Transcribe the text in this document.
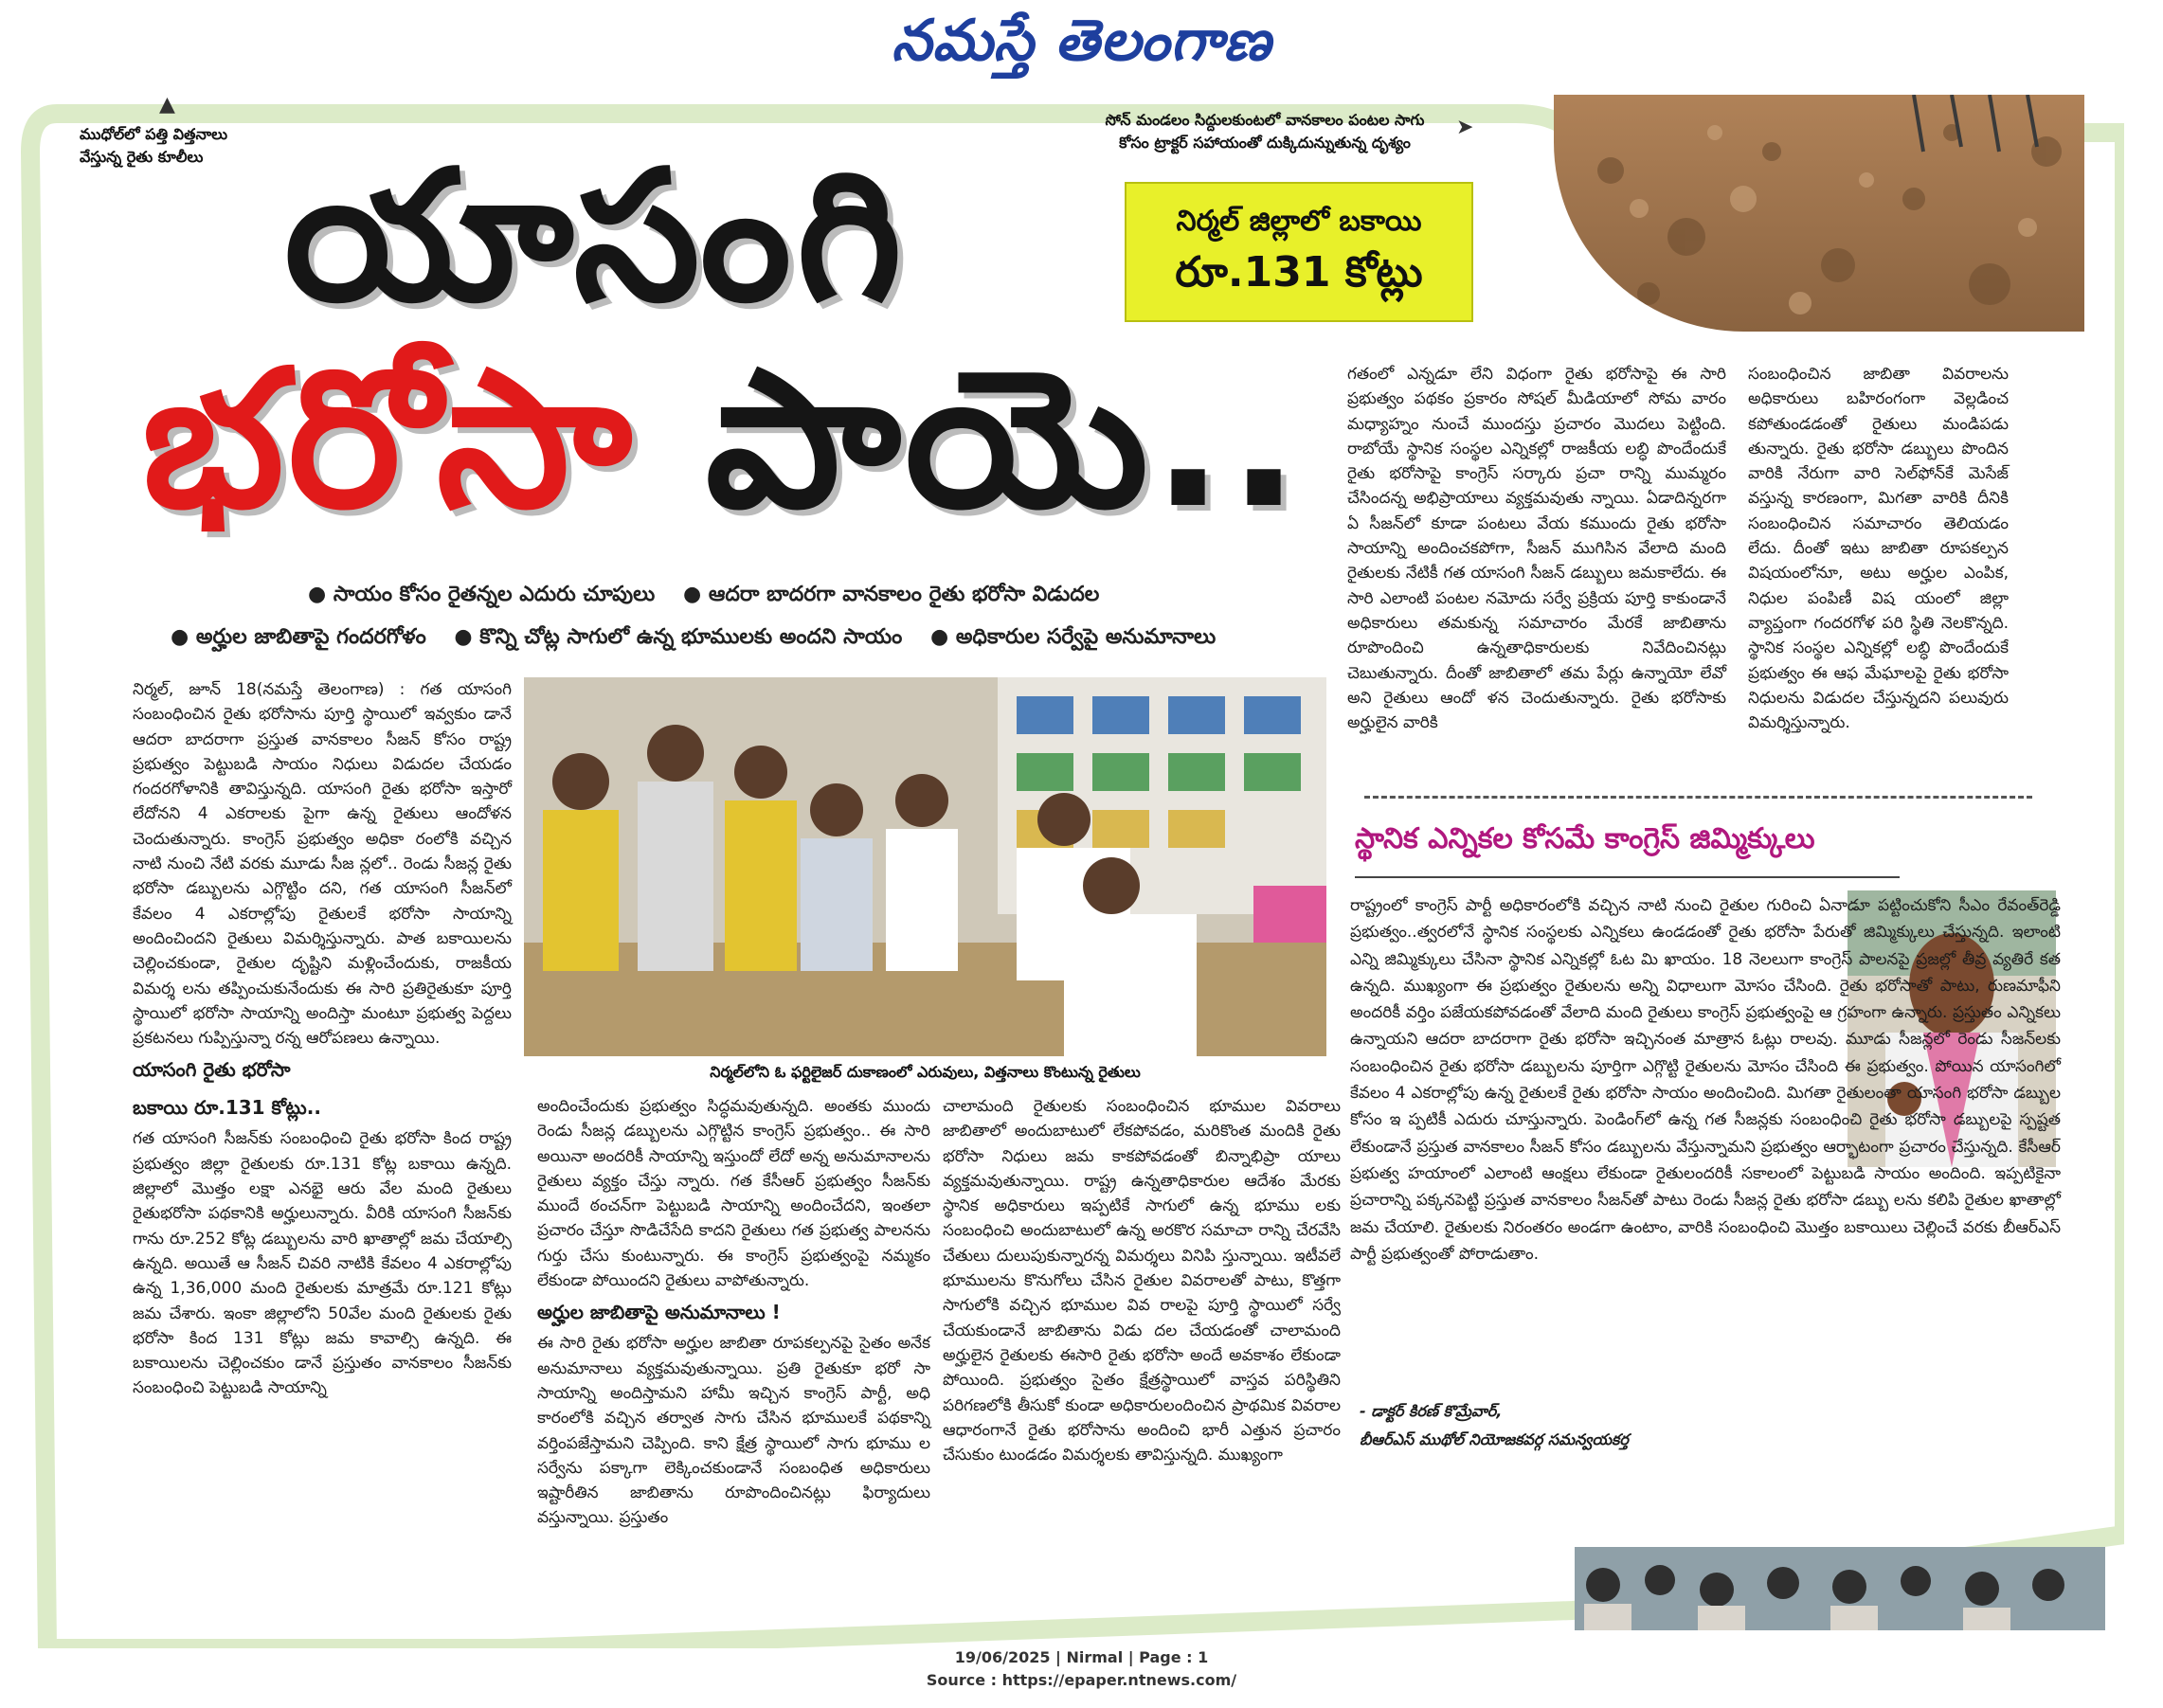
నమస్తే తెలంగాణ
▲
ముధోల్‌లో పత్తి విత్తనాలు
వేస్తున్న రైతు కూలీలు
సోన్ మండలం సిద్దులకుంటలో వానకాలం పంటల సాగు
కోసం ట్రాక్టర్ సహాయంతో దుక్కిదున్నుతున్న దృశ్యం
➤
నిర్మల్ జిల్లాలో బకాయి
రూ.131 కోట్లు
యాసంగి
భరోసా పాయె..
● సాయం కోసం రైతన్నల ఎదురు చూపులు ● ఆదరా బాదరగా వానకాలం రైతు భరోసా విడుదల
● అర్హుల జాబితాపై గందరగోళం ● కొన్ని చోట్ల సాగులో ఉన్న భూములకు అందని సాయం ● అధికారుల సర్వేపై అనుమానాలు

నిర్మల్, జూన్ 18(నమస్తే తెలంగాణ) : గత యాసంగి సంబంధించిన రైతు భరోసాను పూర్తి స్థాయిలో ఇవ్వకుం డానే ఆదరా బాదరాగా ప్రస్తుత వానకాలం సీజన్ కోసం రాష్ట్ర ప్రభుత్వం పెట్టుబడి సాయం నిధులు విడుదల చేయడం గందరగోళానికి తావిస్తున్నది. యాసంగి రైతు భరోసా ఇస్తారో లేదోనని 4 ఎకరాలకు పైగా ఉన్న రైతులు ఆందోళన చెందుతున్నారు. కాంగ్రెస్ ప్రభుత్వం అధికా రంలోకి వచ్చిన నాటి నుంచి నేటి వరకు మూడు సీజ న్లలో.. రెండు సీజన్ల రైతు భరోసా డబ్బులను ఎగ్గొట్టిం దని, గత యాసంగి సీజన్‌లో కేవలం 4 ఎకరాల్లోపు రైతులకే భరోసా సాయాన్ని అందించిందని రైతులు విమర్శిస్తున్నారు. పాత బకాయిలను చెల్లించకుండా, రైతుల దృష్టిని మళ్లించేందుకు, రాజకీయ విమర్శ లను తప్పించుకునేందుకు ఈ సారి ప్రతిరైతుకూ పూర్తి స్థాయిలో భరోసా సాయాన్ని అందిస్తా మంటూ ప్రభుత్వ పెద్దలు ప్రకటనలు గుప్పిస్తున్నా రన్న ఆరోపణలు ఉన్నాయి.

యాసంగి రైతు భరోసా
బకాయి రూ.131 కోట్లు..

గత యాసంగి సీజన్‌కు సంబంధించి రైతు భరోసా కింద రాష్ట్ర ప్రభుత్వం జిల్లా రైతులకు రూ.131 కోట్ల బకాయి ఉన్నది. జిల్లాలో మొత్తం లక్షా ఎనభై ఆరు వేల మంది రైతులు రైతుభరోసా పథకానికి అర్హులున్నారు. వీరికి యాసంగి సీజన్‌కు గాను రూ.252 కోట్ల డబ్బులను వారి ఖాతాల్లో జమ చేయాల్సి ఉన్నది. అయితే ఆ సీజన్ చివరి నాటికి కేవలం 4 ఎకరాల్లోపు ఉన్న 1,36,000 మంది రైతులకు మాత్రమే రూ.121 కోట్లు జమ చేశారు. ఇంకా జిల్లాలోని 50వేల మంది రైతులకు రైతు భరోసా కింద 131 కోట్లు జమ కావాల్సి ఉన్నది. ఈ బకాయిలను చెల్లించకుం డానే ప్రస్తుతం వానకాలం సీజన్‌కు సంబంధించి పెట్టుబడి సాయాన్ని

నిర్మల్‌లోని ఓ ఫర్టిలైజర్ దుకాణంలో ఎరువులు, విత్తనాలు కొంటున్న రైతులు

అందించేందుకు ప్రభుత్వం సిద్ధమవుతున్నది. అంతకు ముందు రెండు సీజన్ల డబ్బులను ఎగ్గొట్టిన కాంగ్రెస్ ప్రభుత్వం.. ఈ సారి అయినా అందరికీ సాయాన్ని ఇస్తుందో లేదో అన్న అనుమానాలను రైతులు వ్యక్తం చేస్తు న్నారు. గత కేసీఆర్ ప్రభుత్వం సీజన్‌కు ముందే ఠంచన్‌గా పెట్టుబడి సాయాన్ని అందించేదని, ఇంతలా ప్రచారం చేస్తూ సొడిచేసేది కాదని రైతులు గత ప్రభుత్వ పాలనను గుర్తు చేసు కుంటున్నారు. ఈ కాంగ్రెస్ ప్రభుత్వంపై నమ్మకం లేకుండా పోయిందని రైతులు వాపోతున్నారు.

అర్హుల జాబితాపై అనుమానాలు !

ఈ సారి రైతు భరోసా అర్హుల జాబితా రూపకల్పనపై సైతం అనేక అనుమానాలు వ్యక్తమవుతున్నాయి. ప్రతి రైతుకూ భరో సా సాయాన్ని అందిస్తామని హామీ ఇచ్చిన కాంగ్రెస్ పార్టీ, అధి కారంలోకి వచ్చిన తర్వాత సాగు చేసిన భూములకే పథకాన్ని వర్తింపజేస్తామని చెప్పింది. కాని క్షేత్ర స్థాయిలో సాగు భూము ల సర్వేను పక్కాగా లెక్కించకుండానే సంబంధిత అధికారులు ఇష్టారీతిన జాబితాను రూపొందించినట్లు ఫిర్యాదులు వస్తున్నాయి. ప్రస్తుతం

చాలామంది రైతులకు సంబంధించిన భూముల వివరాలు జాబితాలో అందుబాటులో లేకపోవడం, మరికొంత మందికి రైతు భరోసా నిధులు జమ కాకపోవడంతో బిన్నాభిప్రా యాలు వ్యక్తమవుతున్నాయి. రాష్ట్ర ఉన్నతాధికారుల ఆదేశం మేరకు స్థానిక అధికారులు ఇప్పటికే సాగులో ఉన్న భూము లకు సంబంధించి అందుబాటులో ఉన్న అరకొర సమాచా రాన్ని చేరవేసి చేతులు దులుపుకున్నారన్న విమర్శలు వినిపి స్తున్నాయి. ఇటీవలే భూములను కొనుగోలు చేసిన రైతుల వివరాలతో పాటు, కొత్తగా సాగులోకి వచ్చిన భూముల వివ రాలపై పూర్తి స్థాయిలో సర్వే చేయకుండానే జాబితాను విడు దల చేయడంతో చాలామంది అర్హులైన రైతులకు ఈసారి రైతు భరోసా అందే అవకాశం లేకుండా పోయింది. ప్రభుత్వం సైతం క్షేత్రస్థాయిలో వాస్తవ పరిస్థితిని పరిగణలోకి తీసుకో కుండా అధికారులందించిన ప్రాథమిక వివరాల ఆధారంగానే రైతు భరోసాను అందించి భారీ ఎత్తున ప్రచారం చేసుకుం టుండడం విమర్శలకు తావిస్తున్నది. ముఖ్యంగా

గతంలో ఎన్నడూ లేని విధంగా రైతు భరోసాపై ఈ సారి ప్రభుత్వం పథకం ప్రకారం సోషల్ మీడియాలో సోమ వారం మధ్యాహ్నం నుంచే ముందస్తు ప్రచారం మొదలు పెట్టింది. రాబోయే స్థానిక సంస్థల ఎన్నికల్లో రాజకీయ లబ్ధి పొందేందుకే రైతు భరోసాపై కాంగ్రెస్ సర్కారు ప్రచా రాన్ని ముమ్మరం చేసిందన్న అభిప్రాయాలు వ్యక్తమవుతు న్నాయి. ఏడాదిన్నరగా ఏ సీజన్‌లో కూడా పంటలు వేయ కముందు రైతు భరోసా సాయాన్ని అందించకపోగా, సీజన్ ముగిసిన వేలాది మంది రైతులకు నేటికీ గత యాసంగి సీజన్ డబ్బులు జమకాలేదు. ఈ సారి ఎలాంటి పంటల నమోదు సర్వే ప్రక్రియ పూర్తి కాకుండానే అధికారులు తమకున్న సమాచారం మేరకే జాబితాను రూపొందించి ఉన్నతాధికారులకు నివేదించినట్లు చెబుతున్నారు. దీంతో జాబితాలో తమ పేర్లు ఉన్నాయో లేవో అని రైతులు ఆందో ళన చెందుతున్నారు. రైతు భరోసాకు అర్హులైన వారికి

సంబంధించిన జాబితా వివరాలను అధికారులు బహిరంగంగా వెల్లడించ కపోతుండడంతో రైతులు మండిపడు తున్నారు. రైతు భరోసా డబ్బులు పొందిన వారికి నేరుగా వారి సెల్‌ఫోన్‌కే మెసేజ్ వస్తున్న కారణంగా, మిగతా వారికి దీనికి సంబంధించిన సమాచారం తెలియడం లేదు. దీంతో ఇటు జాబితా రూపకల్పన విషయంలోనూ, అటు అర్హుల ఎంపిక, నిధుల పంపిణీ విష యంలో జిల్లా వ్యాప్తంగా గందరగోళ పరి స్థితి నెలకొన్నది. స్థానిక సంస్థల ఎన్నికల్లో లబ్ధి పొందేందుకే ప్రభుత్వం ఈ ఆఫ మేఘాలపై రైతు భరోసా నిధులను విడుదల చేస్తున్నదని పలువురు విమర్శిస్తున్నారు.

స్థానిక ఎన్నికల కోసమే కాంగ్రెస్ జిమ్మిక్కులు

రాష్ట్రంలో కాంగ్రెస్ పార్టీ అధికారంలోకి వచ్చిన నాటి నుంచి రైతుల గురించి ఏనాడూ పట్టించుకోని సీఎం రేవంత్‌రెడ్డి ప్రభుత్వం..త్వరలోనే స్థానిక సంస్థలకు ఎన్నికలు ఉండడంతో రైతు భరోసా పేరుతో జిమ్మిక్కులు చేస్తున్నది. ఇలాంటి ఎన్ని జిమ్మిక్కులు చేసినా స్థానిక ఎన్నికల్లో ఓట మి ఖాయం. 18 నెలలుగా కాంగ్రెస్ పాలనపై ప్రజల్లో తీవ్ర వ్యతిరే కత ఉన్నది. ముఖ్యంగా ఈ ప్రభుత్వం రైతులను అన్ని విధాలుగా మోసం చేసింది. రైతు భరోసాతో పాటు, రుణమాఫీని అందరికీ వర్తిం పజేయకపోవడంతో వేలాది మంది రైతులు కాంగ్రెస్ ప్రభుత్వంపై ఆ గ్రహంగా ఉన్నారు. ప్రస్తుతం ఎన్నికలు ఉన్నాయని ఆదరా బాదరాగా రైతు భరోసా ఇచ్చినంత మాత్రాన ఓట్లు రాలవు. మూడు సీజన్లలో రెండు సీజన్‌లకు సంబంధించిన రైతు భరోసా డబ్బులను పూర్తిగా ఎగ్గొట్టి రైతులను మోసం చేసింది ఈ ప్రభుత్వం. పోయిన యాసంగిలో కేవలం 4 ఎకరాల్లోపు ఉన్న రైతులకే రైతు భరోసా సాయం అందించింది. మిగతా రైతులంతా యాసంగి భరోసా డబ్బుల కోసం ఇ ప్పటికీ ఎదురు చూస్తున్నారు. పెండింగ్‌లో ఉన్న గత సీజన్లకు సంబంధించి రైతు భరోసా డబ్బులపై స్పష్టత లేకుండానే ప్రస్తుత వానకాలం సీజన్ కోసం డబ్బులను వేస్తున్నామని ప్రభుత్వం ఆర్భాటంగా ప్రచారం చేస్తున్నది. కేసీఆర్ ప్రభుత్వ హయాంలో ఎలాంటి ఆంక్షలు లేకుండా రైతులందరికీ సకాలంలో పెట్టుబడి సాయం అందింది. ఇప్పటికైనా ప్రచారాన్ని పక్కనపెట్టి ప్రస్తుత వానకాలం సీజన్‌తో పాటు రెండు సీజన్ల రైతు భరోసా డబ్బు లను కలిపి రైతుల ఖాతాల్లో జమ చేయాలి. రైతులకు నిరంతరం అండగా ఉంటాం, వారికి సంబంధించి మొత్తం బకాయిలు చెల్లించే వరకు బీఆర్ఎస్ పార్టీ ప్రభుత్వంతో పోరాడుతాం.

- డాక్టర్ కిరణ్ కొమ్రేవార్,
బీఆర్ఎస్ ముథోల్ నియోజకవర్గ సమన్వయకర్త
19/06/2025 | Nirmal | Page : 1
Source : https://epaper.ntnews.com/
